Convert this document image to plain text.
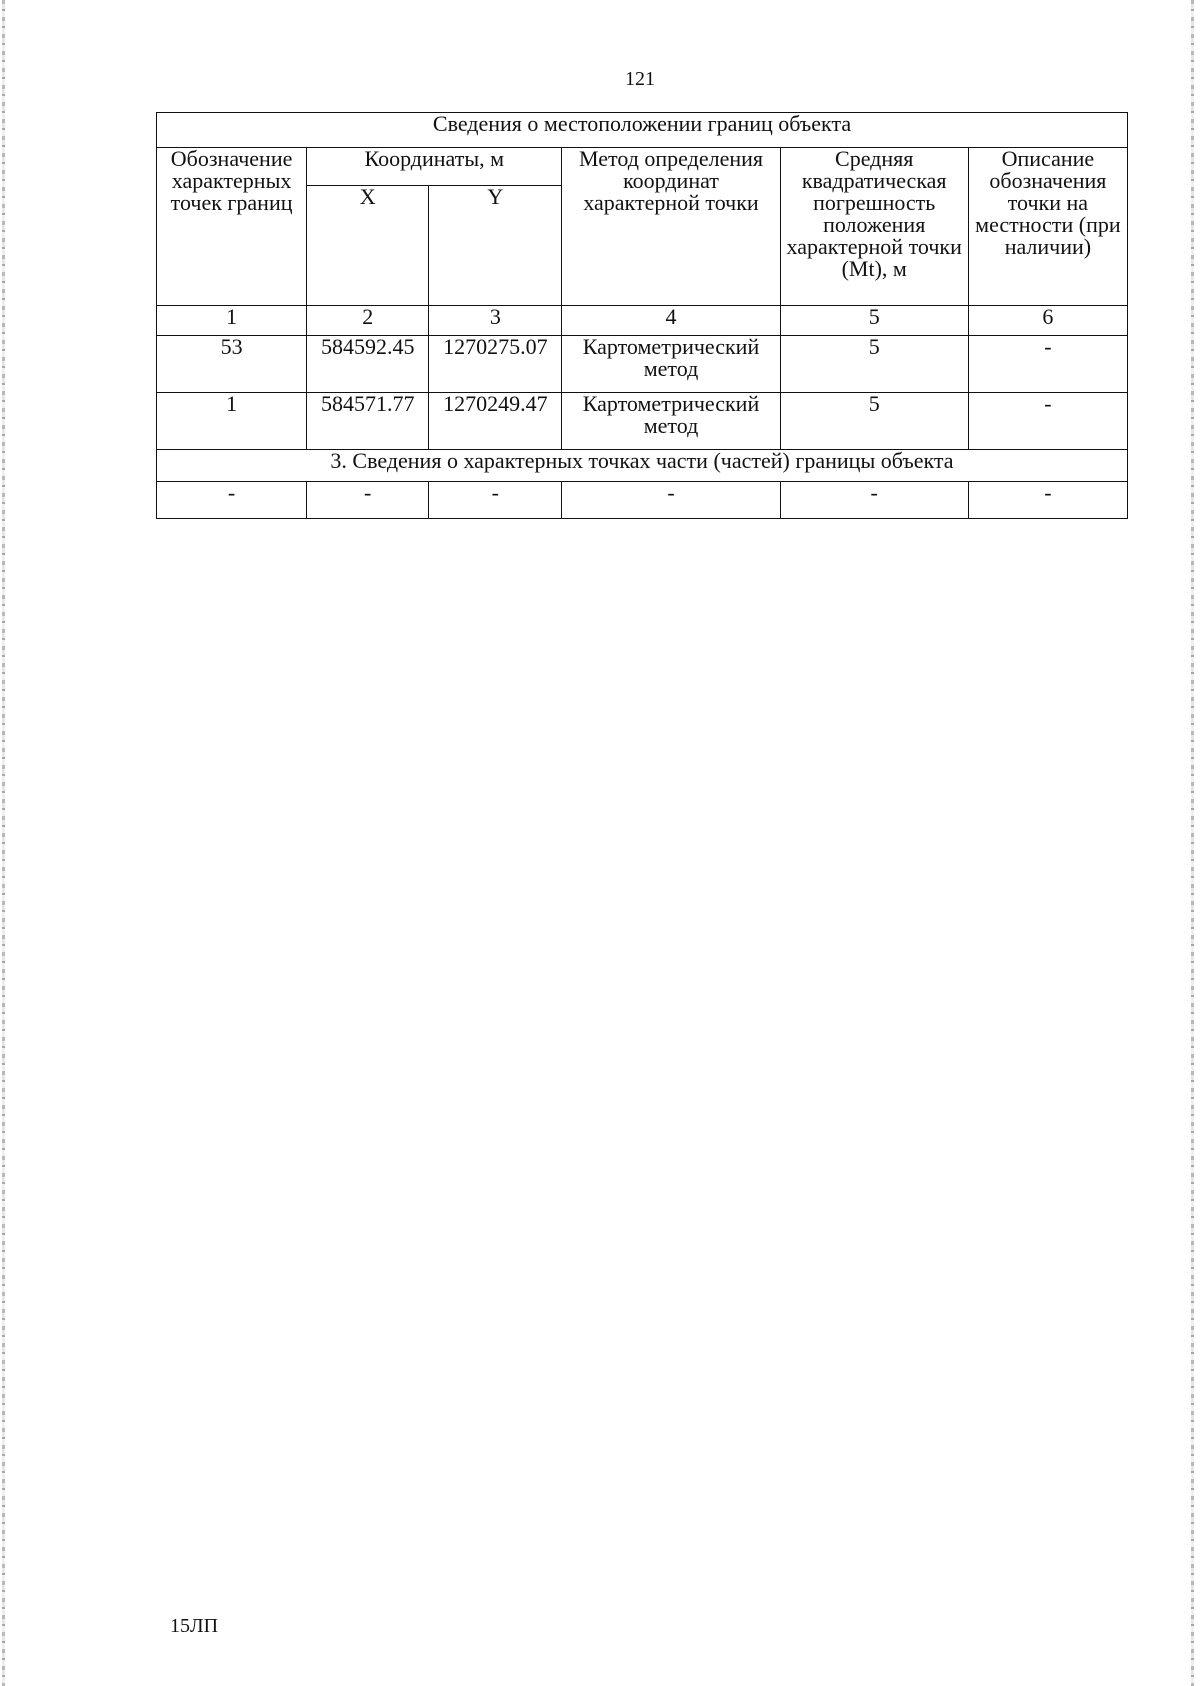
121
Сведения о местоположении границ объекта					
Обозначение характерных точек границ	Координаты, м		Метод определения координат характерной точки	Средняя квадратическая погрешность положения характерной точки (Mt), м	Описание обозначения точки на местности (при наличии)
	X	Y			
1	2	3	4	5	6
53	584592.45	1270275.07	Картометрический метод	5	-
1	584571.77	1270249.47	Картометрический метод	5	-
3. Сведения о характерных точках части (частей) границы объекта					
-	-	-	-	-	-
15ЛП
